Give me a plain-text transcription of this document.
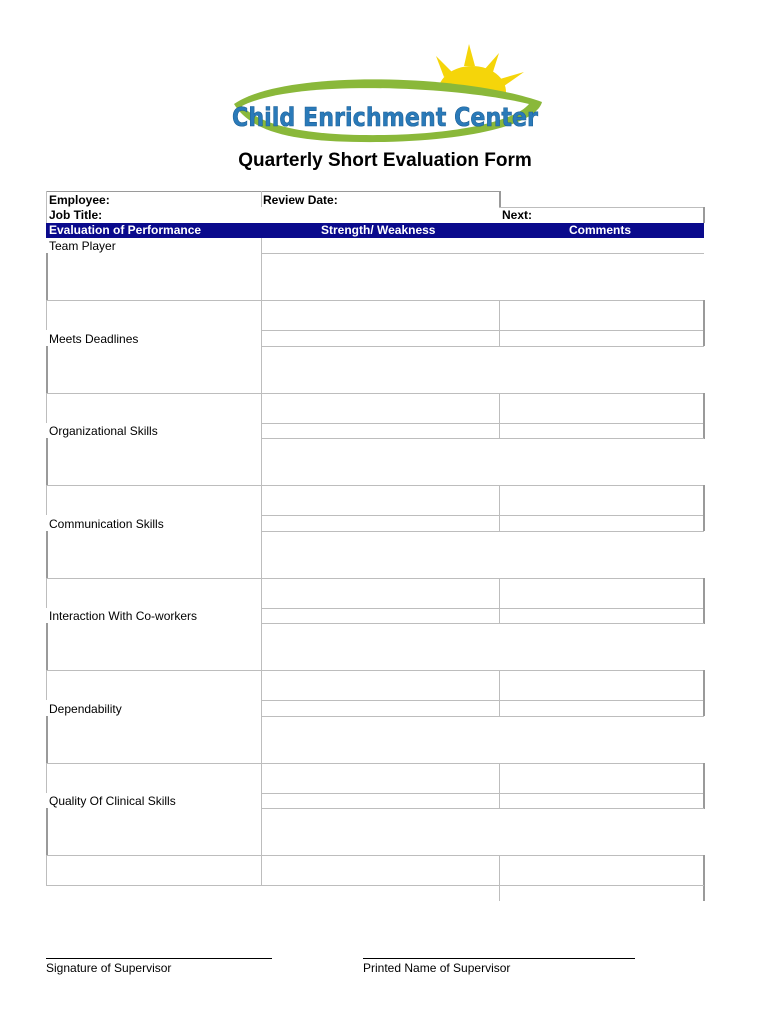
Child Enrichment Center
Quarterly Short Evaluation Form
Employee:	Review Date:
Job Title:	Next:
Evaluation of Performance	Strength/ Weakness	Comments
Team Player
Meets Deadlines
Organizational Skills
Communication Skills
Interaction With Co-workers
Dependability
Quality Of Clinical Skills
Signature of Supervisor	Printed Name of Supervisor
